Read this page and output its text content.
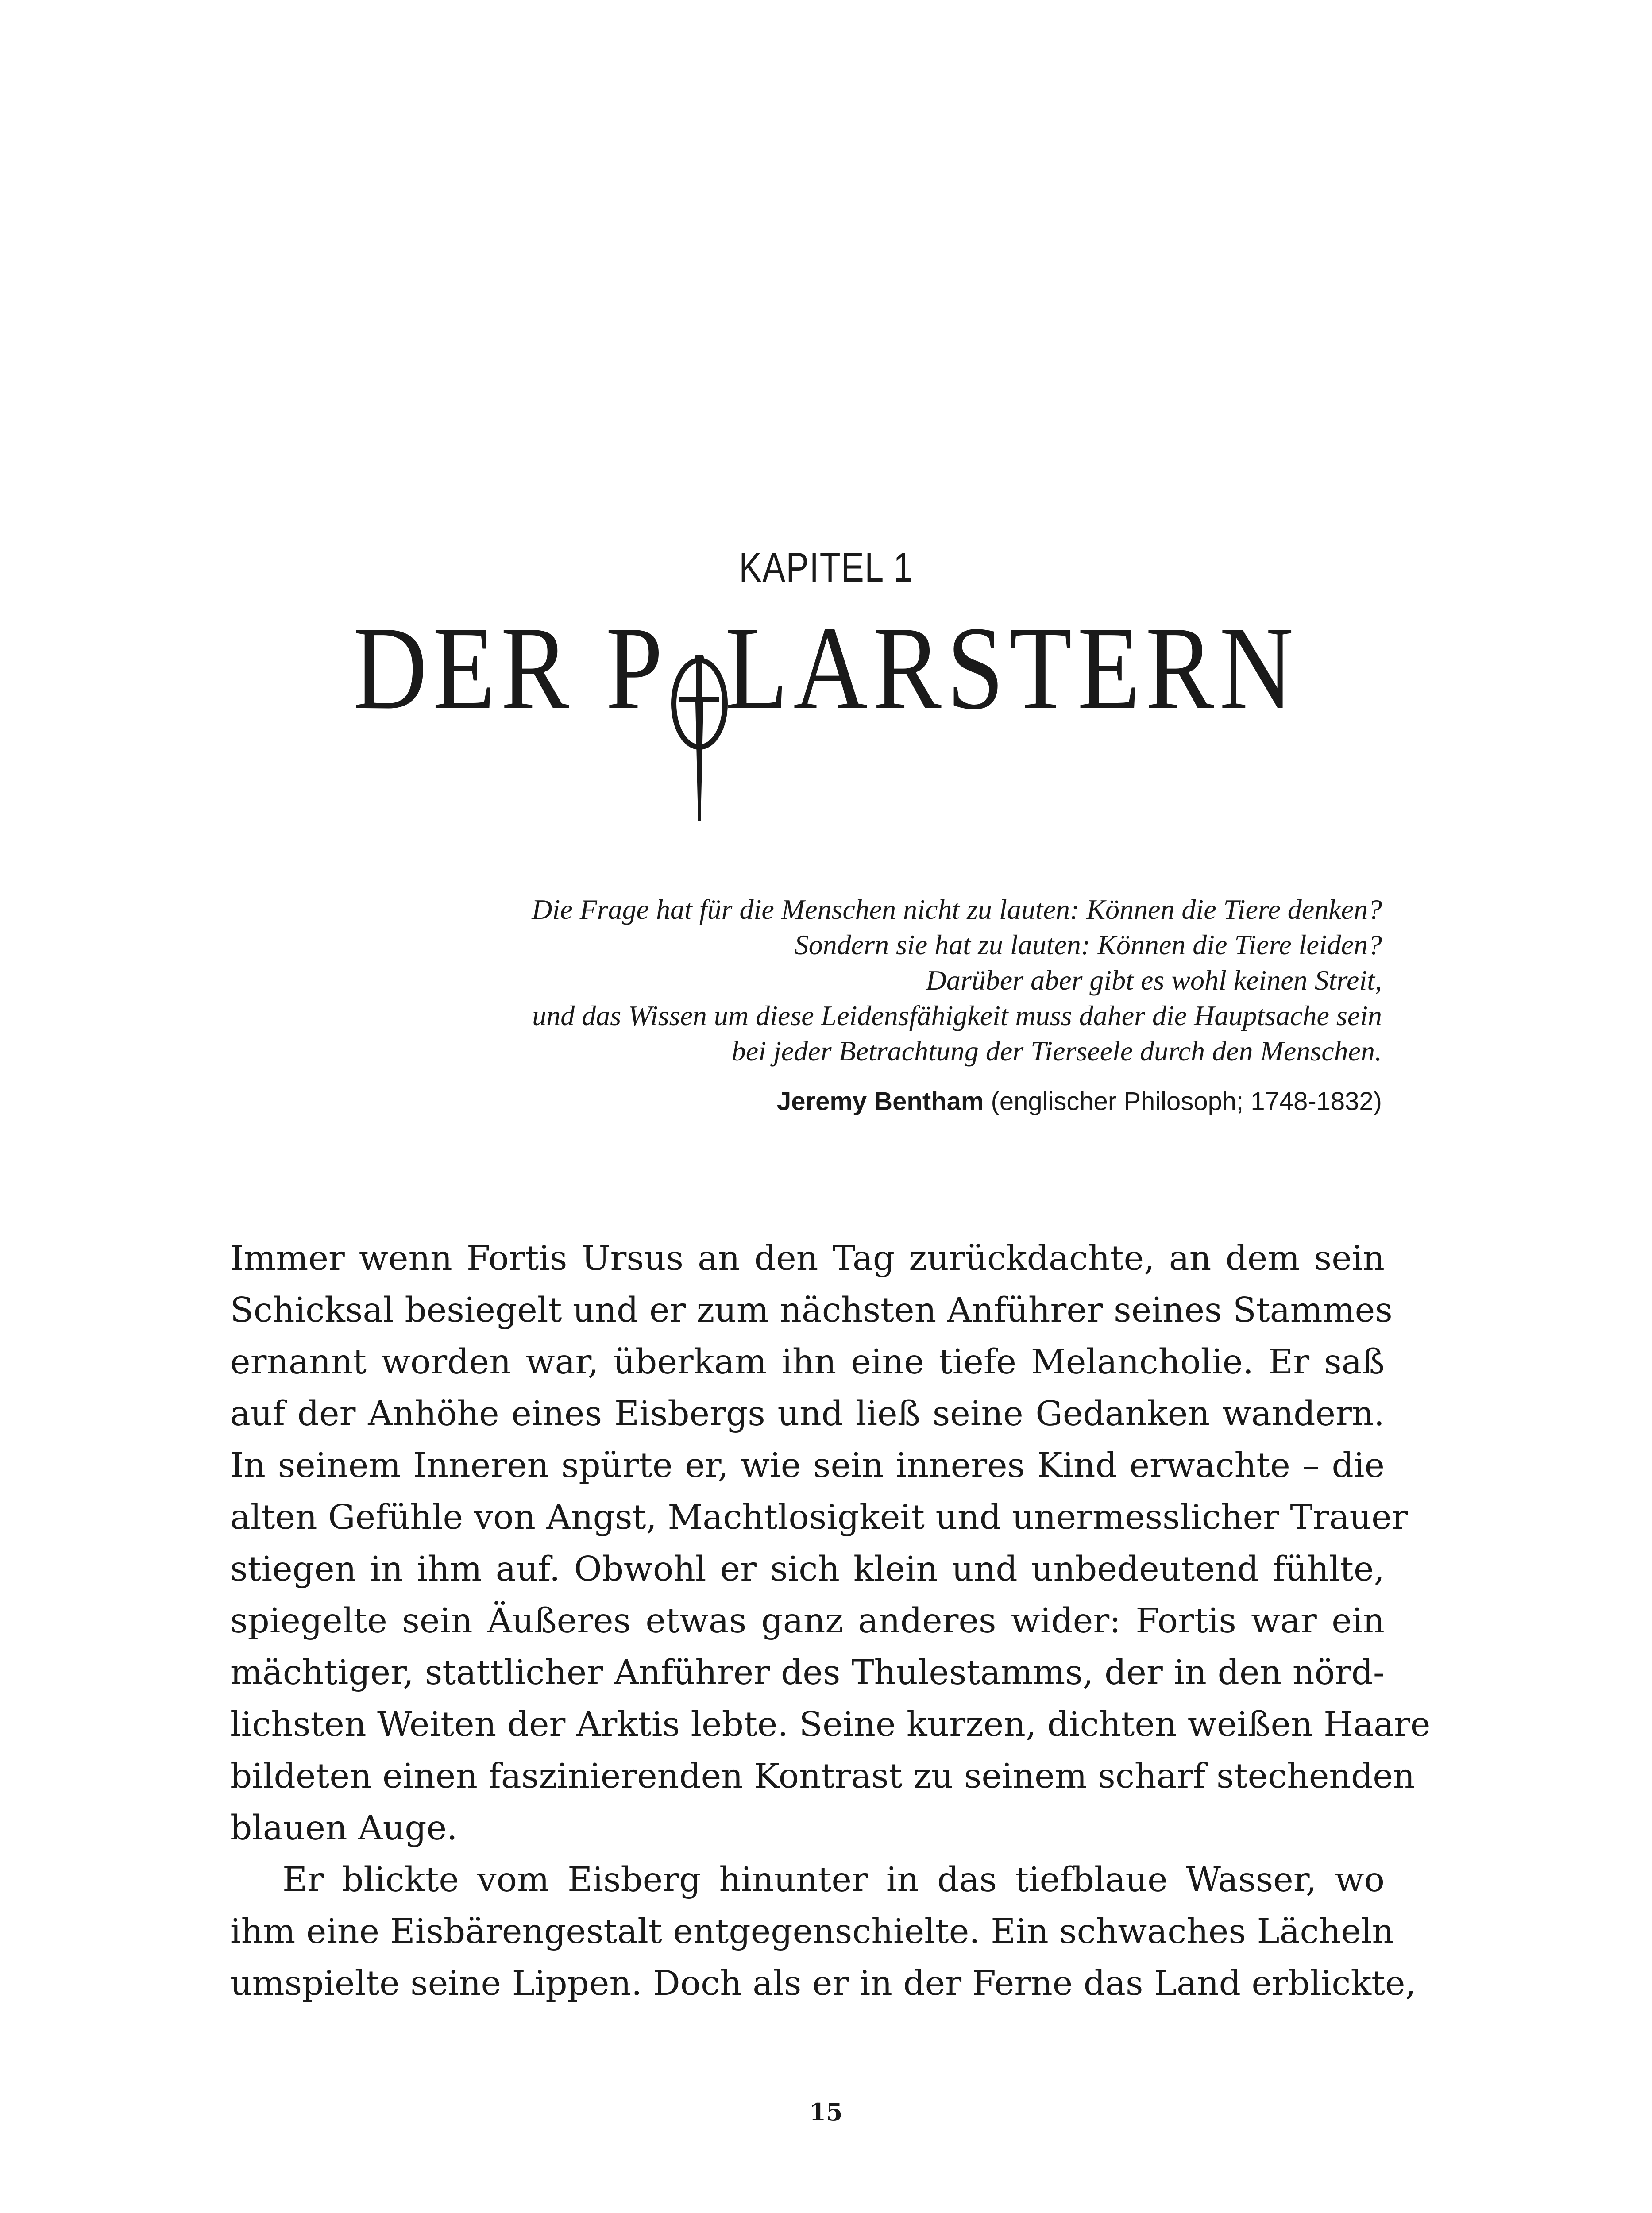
KAPITEL 1
DER P LARSTERN
Die Frage hat für die Menschen nicht zu lauten: Können die Tiere denken?
Sondern sie hat zu lauten: Können die Tiere leiden?
Darüber aber gibt es wohl keinen Streit,
und das Wissen um diese Leidensfähigkeit muss daher die Hauptsache sein
bei jeder Betrachtung der Tierseele durch den Menschen.
Jeremy Bentham (englischer Philosoph; 1748-1832)
Immer wenn Fortis Ursus an den Tag zurückdachte, an dem sein
Schicksal besiegelt und er zum nächsten Anführer seines Stammes
ernannt worden war, überkam ihn eine tiefe Melancholie. Er saß
auf der Anhöhe eines Eisbergs und ließ seine Gedanken wandern.
In seinem Inneren spürte er, wie sein inneres Kind erwachte – die
alten Gefühle von Angst, Machtlosigkeit und unermesslicher Trauer
stiegen in ihm auf. Obwohl er sich klein und unbedeutend fühlte,
spiegelte sein Äußeres etwas ganz anderes wider: Fortis war ein
mächtiger, stattlicher Anführer des Thulestamms, der in den nörd-
lichsten Weiten der Arktis lebte. Seine kurzen, dichten weißen Haare
bildeten einen faszinierenden Kontrast zu seinem scharf stechenden
blauen Auge.
Er blickte vom Eisberg hinunter in das tiefblaue Wasser, wo
ihm eine Eisbärengestalt entgegenschielte. Ein schwaches Lächeln
umspielte seine Lippen. Doch als er in der Ferne das Land erblickte,
15
